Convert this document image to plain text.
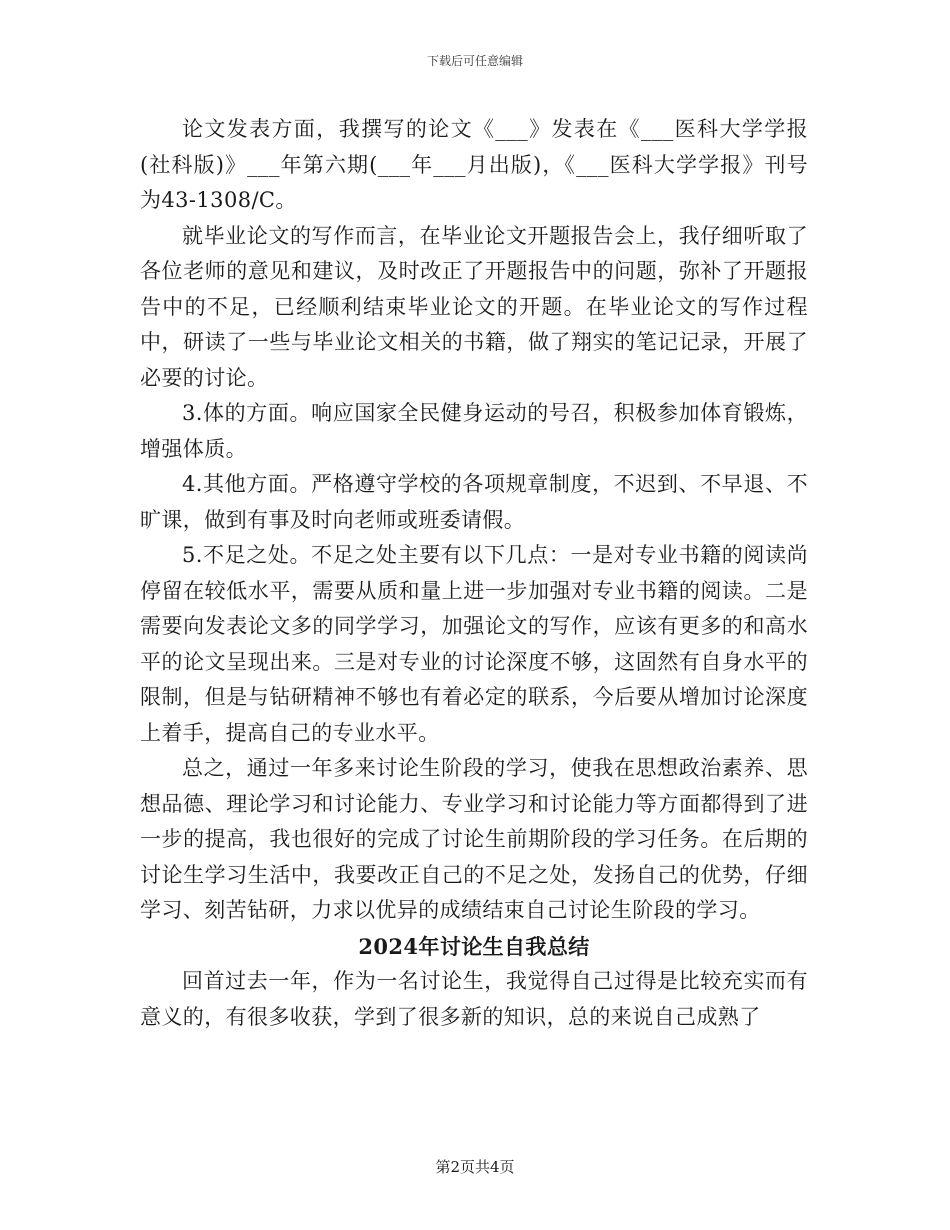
下载后可任意编辑

论文发表方面，我撰写的论文《___》发表在《___医科大学学报(社科版)》___年第六期(___年___月出版)，《___医科大学学报》刊号为43-1308/C。

就毕业论文的写作而言，在毕业论文开题报告会上，我仔细听取了各位老师的意见和建议，及时改正了开题报告中的问题，弥补了开题报告中的不足，已经顺利结束毕业论文的开题。在毕业论文的写作过程中，研读了一些与毕业论文相关的书籍，做了翔实的笔记记录，开展了必要的讨论。

3.体的方面。响应国家全民健身运动的号召，积极参加体育锻炼，增强体质。

4.其他方面。严格遵守学校的各项规章制度，不迟到、不早退、不旷课，做到有事及时向老师或班委请假。

5.不足之处。不足之处主要有以下几点：一是对专业书籍的阅读尚停留在较低水平，需要从质和量上进一步加强对专业书籍的阅读。二是需要向发表论文多的同学学习，加强论文的写作，应该有更多的和高水平的论文呈现出来。三是对专业的讨论深度不够，这固然有自身水平的限制，但是与钻研精神不够也有着必定的联系，今后要从增加讨论深度上着手，提高自己的专业水平。

总之，通过一年多来讨论生阶段的学习，使我在思想政治素养、思想品德、理论学习和讨论能力、专业学习和讨论能力等方面都得到了进一步的提高，我也很好的完成了讨论生前期阶段的学习任务。在后期的讨论生学习生活中，我要改正自己的不足之处，发扬自己的优势，仔细学习、刻苦钻研，力求以优异的成绩结束自己讨论生阶段的学习。

2024年讨论生自我总结

回首过去一年，作为一名讨论生，我觉得自己过得是比较充实而有意义的，有很多收获，学到了很多新的知识，总的来说自己成熟了

第2页共4页
